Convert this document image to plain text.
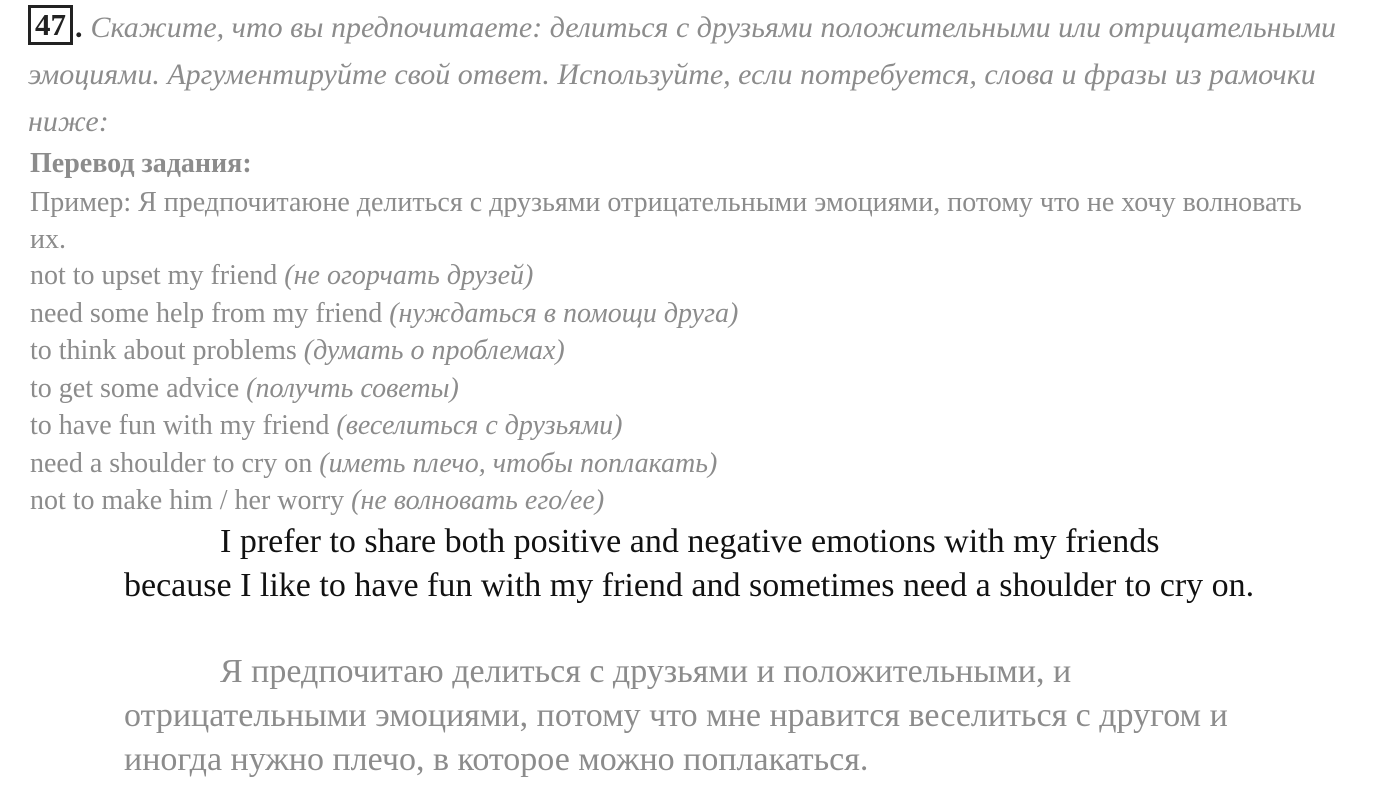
47 . Скажите, что вы предпочитаете: делиться с друзьями положительными или отрицательными эмоциями. Аргументируйте свой ответ. Используйте, если потребуется, слова и фразы из рамочки ниже:
Перевод задания:
Пример: Я предпочитаюне делиться с друзьями отрицательными эмоциями, потому что не хочу волновать их.
not to upset my friend (не огорчать друзей)
need some help from my friend (нуждаться в помощи друга)
to think about problems (думать о проблемах)
to get some advice (получть советы)
to have fun with my friend (веселиться с друзьями)
need a shoulder to cry on (иметь плечо, чтобы поплакать)
not to make him / her worry (не волновать его/ее)

I prefer to share both positive and negative emotions with my friends because I like to have fun with my friend and sometimes need a shoulder to cry on.

Я предпочитаю делиться с друзьями и положительными, и отрицательными эмоциями, потому что мне нравится веселиться с другом и иногда нужно плечо, в которое можно поплакаться.
